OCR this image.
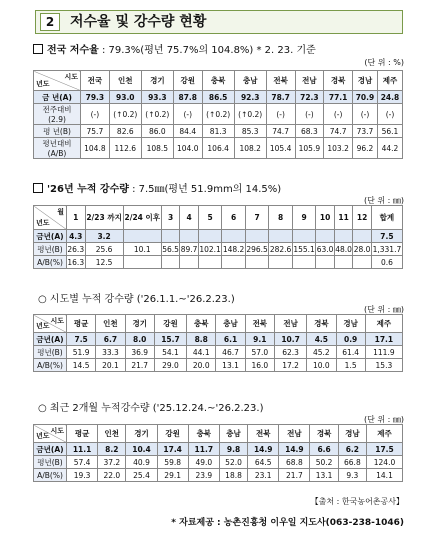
2	저수율 및 강수량 현황
전국 저수율 : 79.3%(평년 75.7%의 104.8%) * 2. 23. 기준
(단 위 : %)
시도
년도	전국	인천	경기	강원	충북	충남	전북	전남	경북	경남	제주
금 년(A)	79.3	93.0	93.3	87.8	86.5	92.3	78.7	72.3	77.1	70.9	24.8
전주대비 (2.9)	(-)	(↑0.2)	(↑0.2)	(-)	(↑0.2)	(↑0.2)	(-)	(-)	(-)	(-)	(-)
평 년(B)	75.7	82.6	86.0	84.4	81.3	85.3	74.7	68.3	74.7	73.7	56.1
평년대비 (A/B)	104.8	112.6	108.5	104.0	106.4	108.2	105.4	105.9	103.2	96.2	44.2
'26년 누적 강수량 : 7.5㎜(평년 51.9mm의 14.5%)
(단 위 : ㎜)
월
년도	1	2/23 까지	2/24 이후	3	4	5	6	7	8	9	10	11	12	합계
금년(A)	4.3	3.2												7.5
평년(B)	26.3	25.6	10.1	56.5	89.7	102.1	148.2	296.5	282.6	155.1	63.0	48.0	28.0	1,331.7
A/B(%)	16.3	12.5												0.6
○ 시도별 누적 강수량 ('26.1.1.~'26.2.23.)
(단 위 : ㎜)
시도
년도	평균	인천	경기	강원	충북	충남	전북	전남	경북	경남	제주
금년(A)	7.5	6.7	8.0	15.7	8.8	6.1	9.1	10.7	4.5	0.9	17.1
평년(B)	51.9	33.3	36.9	54.1	44.1	46.7	57.0	62.3	45.2	61.4	111.9
A/B(%)	14.5	20.1	21.7	29.0	20.0	13.1	16.0	17.2	10.0	1.5	15.3
○ 최근 2개월 누적강수량 ('25.12.24.~'26.2.23.)
(단 위 : ㎜)
시도
년도	평균	인천	경기	강원	충북	충남	전북	전남	경북	경남	제주
금년(A)	11.1	8.2	10.4	17.4	11.7	9.8	14.9	14.9	6.6	6.2	17.5
평년(B)	57.4	37.2	40.9	59.8	49.0	52.0	64.5	68.8	50.2	66.8	124.0
A/B(%)	19.3	22.0	25.4	29.1	23.9	18.8	23.1	21.7	13.1	9.3	14.1
【출처 : 한국농어촌공사】
* 자료제공 : 농촌진흥청 이우일 지도사(063-238-1046)
